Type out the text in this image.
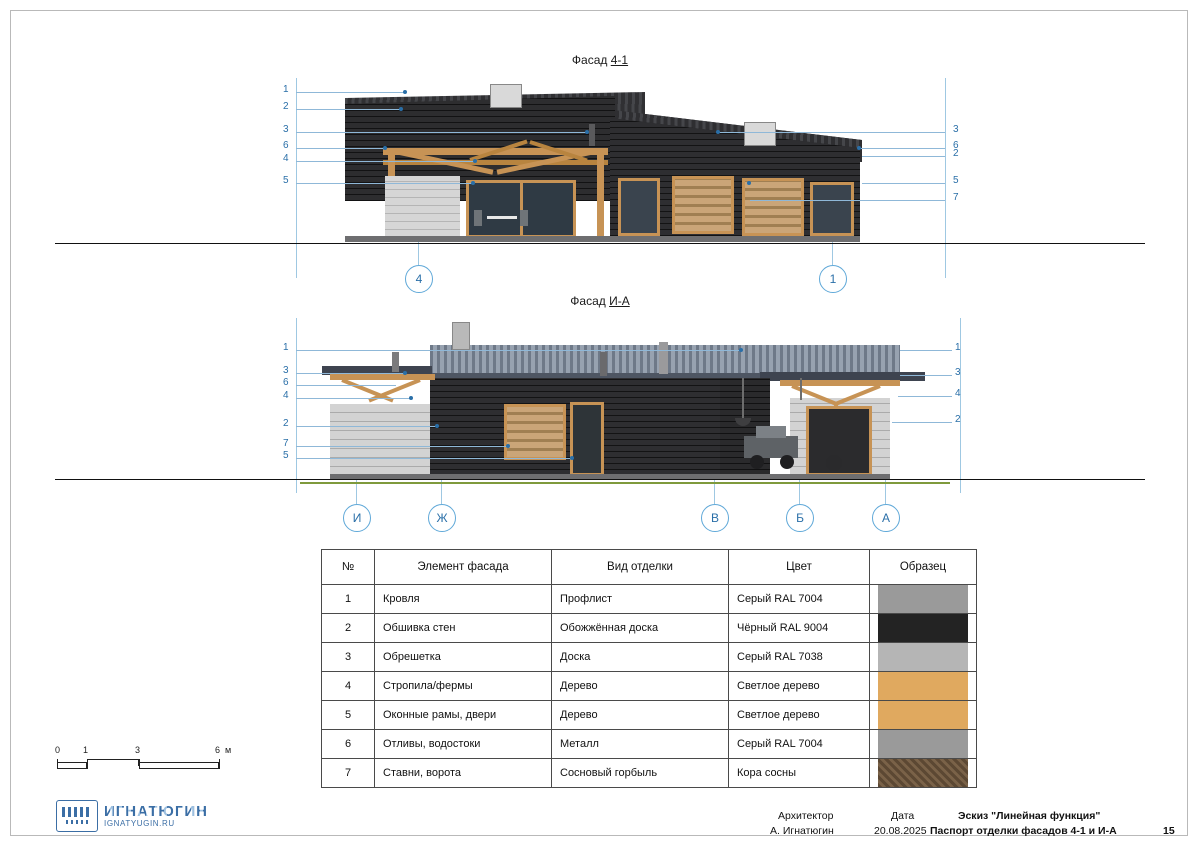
Фасад 4-1
1
2
3
6
4
5
3
6
2
5
7
4	1
Фасад И-А
1
3
6
4
2
7
5
1
3
4
2
И	Ж	В	Б	А
№	Элемент фасада	Вид отделки	Цвет	Образец
1	Кровля	Профлист	Серый RAL 7004	

2	Обшивка стен	Обожжённая доска	Чёрный RAL 9004	

3	Обрешетка	Доска	Серый RAL 7038	

4	Стропила/фермы	Дерево	Светлое дерево	

5	Оконные рамы, двери	Дерево	Светлое дерево	

6	Отливы, водостоки	Металл	Серый RAL 7004	

7	Ставни, ворота	Сосновый горбыль	Кора сосны	
0	1	3	6 м
ИГНАТЮГИН
IGNATYUGIN.RU
Архитектор
А. Игнатюгин
Дата
20.08.2025
Эскиз "Линейная функция"
Паспорт отделки фасадов 4-1 и И-А	15
